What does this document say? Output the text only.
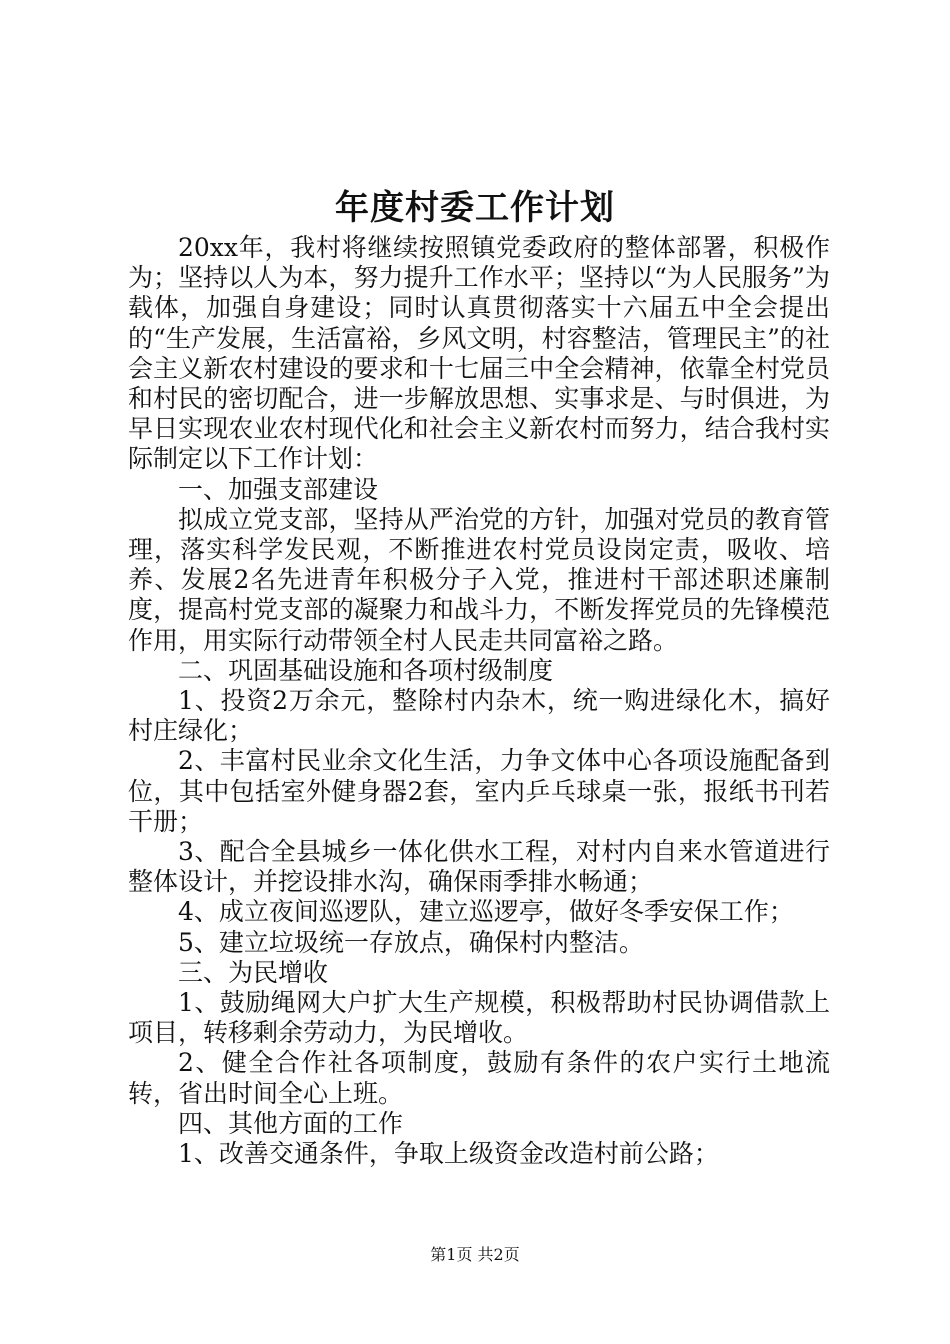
年度村委工作计划

20xx年，我村将继续按照镇党委政府的整体部署，积极作为；坚持以人为本，努力提升工作水平；坚持以“为人民服务”为载体，加强自身建设；同时认真贯彻落实十六届五中全会提出的“生产发展，生活富裕，乡风文明，村容整洁，管理民主”的社会主义新农村建设的要求和十七届三中全会精神，依靠全村党员和村民的密切配合，进一步解放思想、实事求是、与时俱进，为早日实现农业农村现代化和社会主义新农村而努力，结合我村实际制定以下工作计划：

一、加强支部建设

拟成立党支部，坚持从严治党的方针，加强对党员的教育管理，落实科学发民观，不断推进农村党员设岗定责，吸收、培养、发展2名先进青年积极分子入党，推进村干部述职述廉制度，提高村党支部的凝聚力和战斗力，不断发挥党员的先锋模范作用，用实际行动带领全村人民走共同富裕之路。

二、巩固基础设施和各项村级制度

1、投资2万余元，整除村内杂木，统一购进绿化木，搞好村庄绿化；

2、丰富村民业余文化生活，力争文体中心各项设施配备到位，其中包括室外健身器2套，室内乒乓球桌一张，报纸书刊若干册；

3、配合全县城乡一体化供水工程，对村内自来水管道进行整体设计，并挖设排水沟，确保雨季排水畅通；

4、成立夜间巡逻队，建立巡逻亭，做好冬季安保工作；

5、建立垃圾统一存放点，确保村内整洁。

三、为民增收

1、鼓励绳网大户扩大生产规模，积极帮助村民协调借款上项目，转移剩余劳动力，为民增收。

2、健全合作社各项制度，鼓励有条件的农户实行土地流转，省出时间全心上班。

四、其他方面的工作

1、改善交通条件，争取上级资金改造村前公路；

第1页 共2页
